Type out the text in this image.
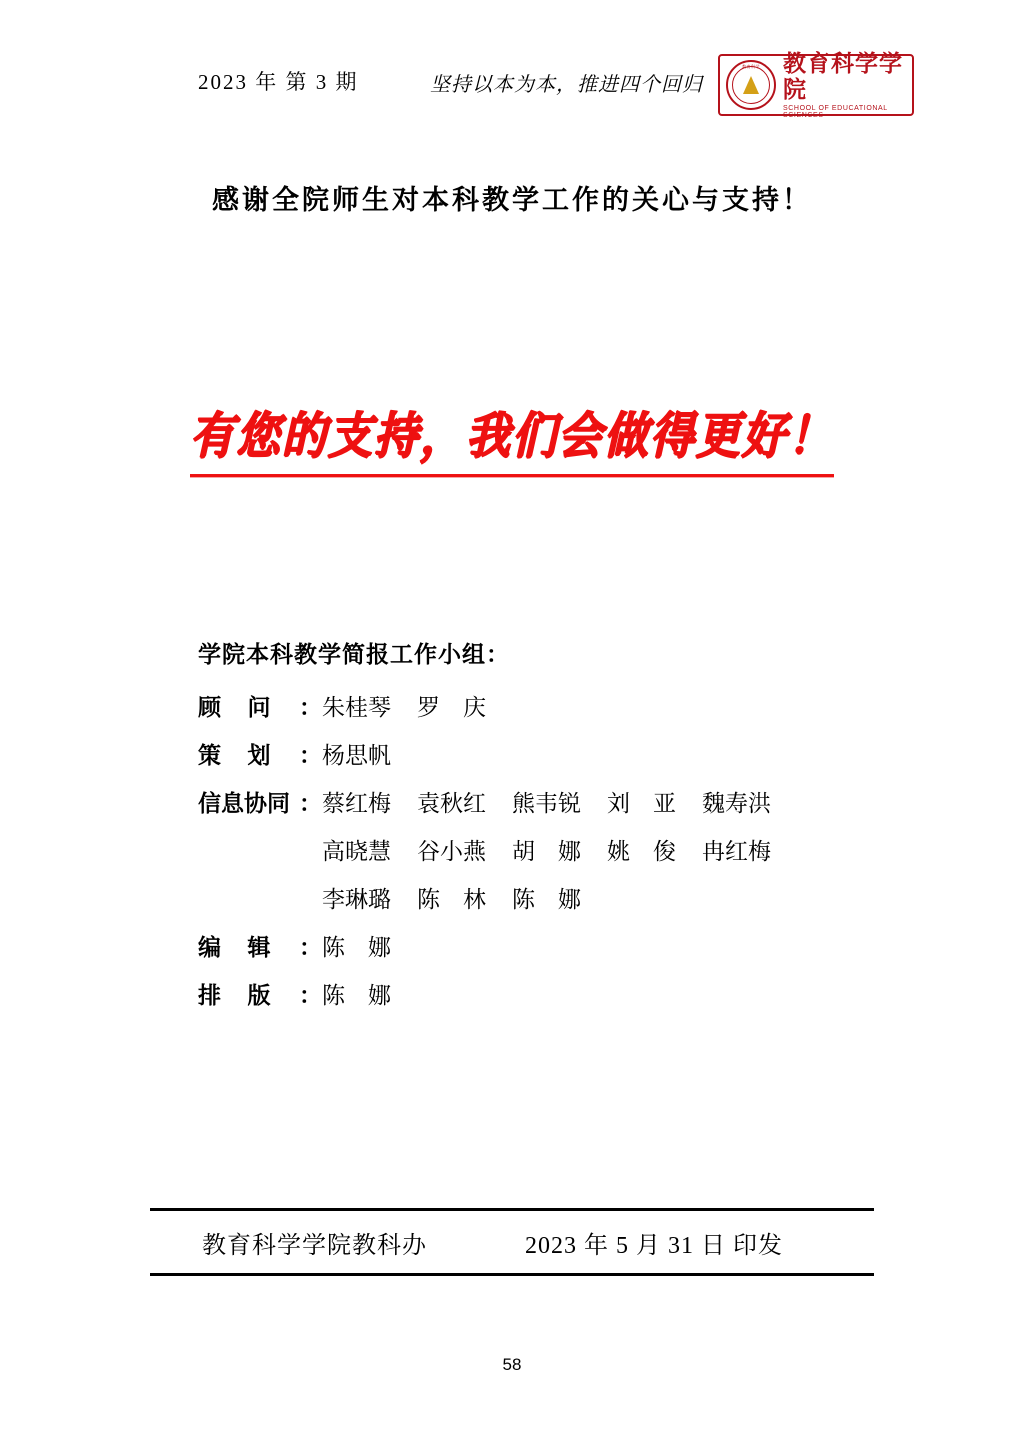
2023 年 第 3 期	坚持以本为本，推进四个回归
教育科学	教育科学学院
SCHOOL OF EDUCATIONAL SCIENCES
感谢全院师生对本科教学工作的关心与支持！
有您的支持，我们会做得更好！
学院本科教学简报工作小组：
顾 问 ： 朱桂琴 罗　庆
策 划 ： 杨思帆
信息协同 ： 蔡红梅 袁秋红 熊韦锐 刘　亚 魏寿洪
高晓慧 谷小燕 胡　娜 姚　俊 冉红梅
李琳璐 陈　林 陈　娜
编 辑 ： 陈　娜
排 版 ： 陈　娜
教育科学学院教科办	2023 年 5 月 31 日 印发
58
